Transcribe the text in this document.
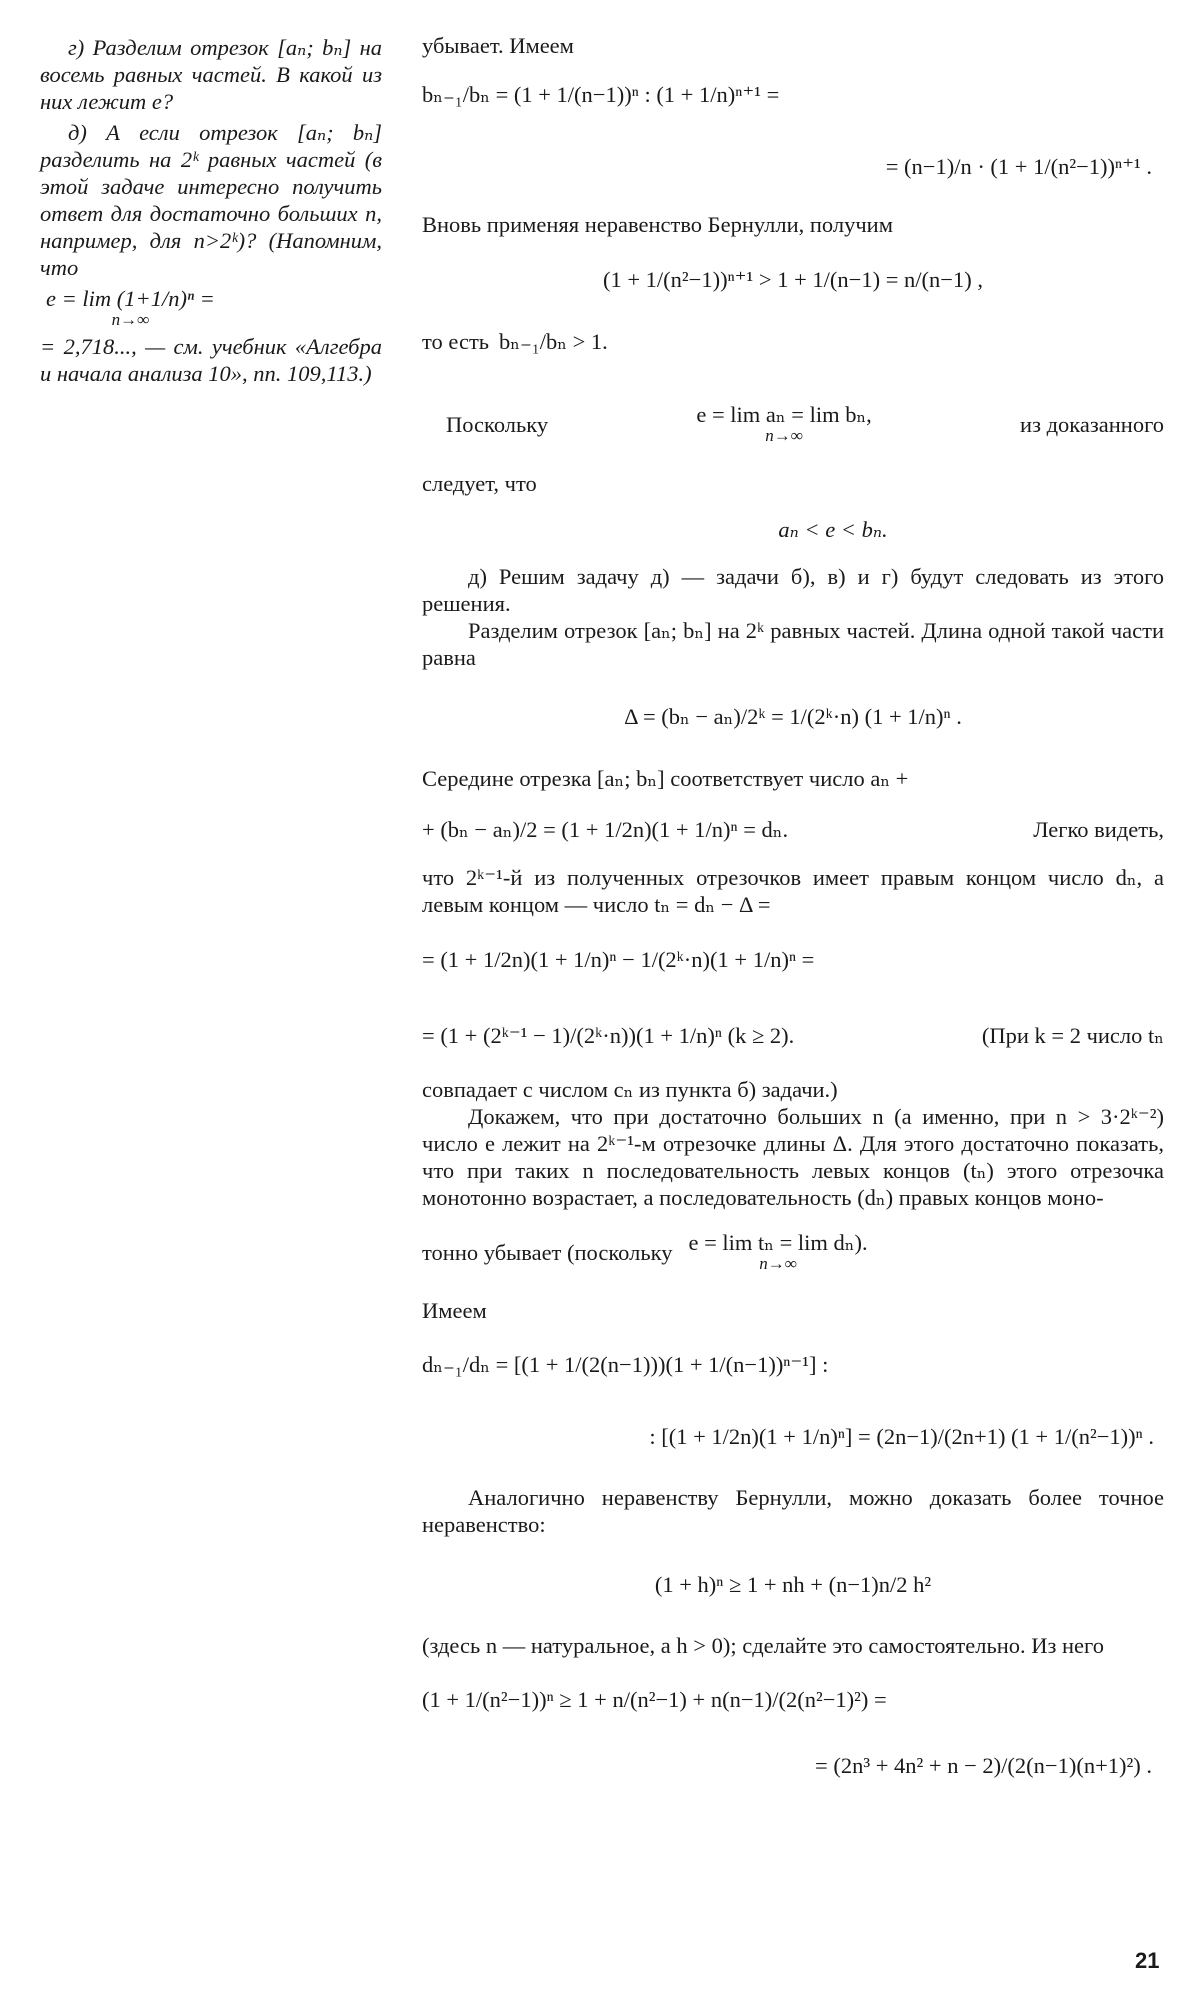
г) Разделим отрезок [aₙ; bₙ] на восемь равных частей. В какой из них лежит e?

д) А если отрезок [aₙ; bₙ] разделить на 2ᵏ равных частей (в этой задаче интересно получить ответ для достаточно больших n, например, для n>2ᵏ)? (Напомним, что

e = lim (1+1/n)ⁿ =
n→∞

= 2,718..., — см. учебник «Алгебра и начала анализа 10», пп. 109,113.)

убывает. Имеем

bₙ₋₁/bₙ = (1 + 1/(n−1))ⁿ : (1 + 1/n)ⁿ⁺¹ =
= (n−1)/n · (1 + 1/(n²−1))ⁿ⁺¹ .

Вновь применяя неравенство Бернулли, получим

(1 + 1/(n²−1))ⁿ⁺¹ > 1 + 1/(n−1) = n/(n−1) ,
то есть bₙ₋₁/bₙ > 1.
Поскольку	e = lim aₙ = lim bₙ,
n→∞	из доказанного

следует, что

aₙ < e < bₙ.

д) Решим задачу д) — задачи б), в) и г) будут следовать из этого решения.

Разделим отрезок [aₙ; bₙ] на 2ᵏ равных частей. Длина одной такой части равна

Δ = (bₙ − aₙ)/2ᵏ = 1/(2ᵏ·n) (1 + 1/n)ⁿ .

Середине отрезка [aₙ; bₙ] соответствует число aₙ +

+ (bₙ − aₙ)/2 = (1 + 1/2n)(1 + 1/n)ⁿ = dₙ.	Легко видеть,

что 2ᵏ⁻¹-й из полученных отрезочков имеет правым концом число dₙ, а левым концом — число tₙ = dₙ − Δ =

= (1 + 1/2n)(1 + 1/n)ⁿ − 1/(2ᵏ·n)(1 + 1/n)ⁿ =
= (1 + (2ᵏ⁻¹ − 1)/(2ᵏ·n))(1 + 1/n)ⁿ (k ≥ 2).	(При k = 2 число tₙ

совпадает с числом cₙ из пункта б) задачи.)

Докажем, что при достаточно больших n (а именно, при n > 3·2ᵏ⁻²) число e лежит на 2ᵏ⁻¹-м отрезочке длины Δ. Для этого достаточно показать, что при таких n последовательность левых концов (tₙ) этого отрезочка монотонно возрастает, а последовательность (dₙ) правых концов моно-

тонно убывает (поскольку e = lim tₙ = lim dₙ).
n→∞

Имеем

dₙ₋₁/dₙ = [(1 + 1/(2(n−1)))(1 + 1/(n−1))ⁿ⁻¹] :
: [(1 + 1/2n)(1 + 1/n)ⁿ] = (2n−1)/(2n+1) (1 + 1/(n²−1))ⁿ .

Аналогично неравенству Бернулли, можно доказать более точное неравенство:

(1 + h)ⁿ ≥ 1 + nh + (n−1)n/2 h²

(здесь n — натуральное, а h > 0); сделайте это самостоятельно. Из него

(1 + 1/(n²−1))ⁿ ≥ 1 + n/(n²−1) + n(n−1)/(2(n²−1)²) =
= (2n³ + 4n² + n − 2)/(2(n−1)(n+1)²) .
21
